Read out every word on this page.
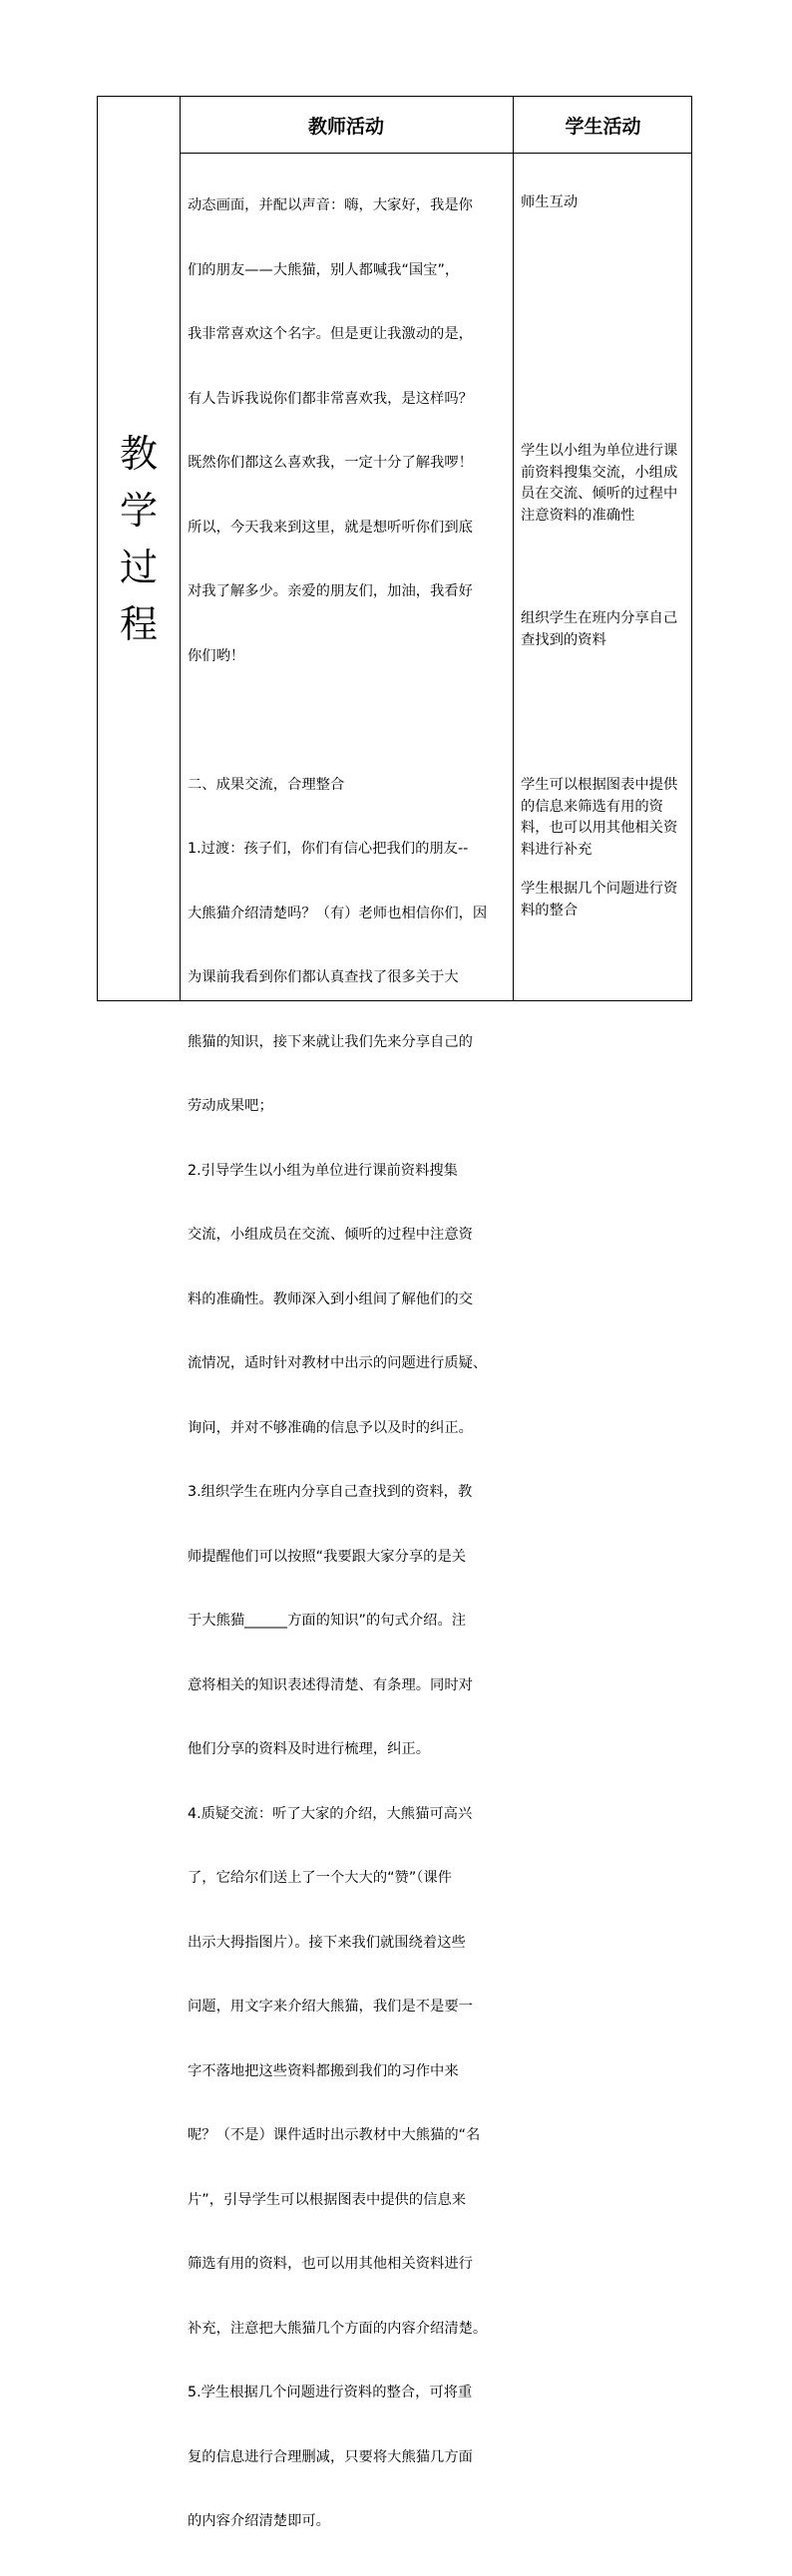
教师活动	学生活动
教
学
过
程

动态画面，并配以声音：嗨，大家好，我是你

们的朋友——大熊猫，别人都喊我“国宝”，

我非常喜欢这个名字。但是更让我激动的是，

有人告诉我说你们都非常喜欢我，是这样吗？

既然你们都这么喜欢我，一定十分了解我啰！

所以，今天我来到这里，就是想听听你们到底

对我了解多少。亲爱的朋友们，加油，我看好

你们哟！

二、成果交流，合理整合

1.过渡：孩子们，你们有信心把我们的朋友--

大熊猫介绍清楚吗？（有）老师也相信你们，因

为课前我看到你们都认真查找了很多关于大

熊猫的知识，接下来就让我们先来分享自己的

劳动成果吧；

2.引导学生以小组为单位进行课前资料搜集

交流，小组成员在交流、倾听的过程中注意资

料的准确性。教师深入到小组间了解他们的交

流情况，适时针对教材中出示的问题进行质疑、

询问，并对不够准确的信息予以及时的纠正。

3.组织学生在班内分享自己查找到的资料，教

师提醒他们可以按照“我要跟大家分享的是关

于大熊猫______方面的知识”的句式介绍。注

意将相关的知识表述得清楚、有条理。同时对

他们分享的资料及时进行梳理，纠正。

4.质疑交流：听了大家的介绍，大熊猫可高兴

了，它给尔们送上了一个大大的“赞”（课件

出示大拇指图片）。接下来我们就围绕着这些

问题，用文字来介绍大熊猫，我们是不是要一

字不落地把这些资料都搬到我们的习作中来

呢？（不是）课件适时出示教材中大熊猫的“名

片”，引导学生可以根据图表中提供的信息来

筛选有用的资料，也可以用其他相关资料进行

补充，注意把大熊猫几个方面的内容介绍清楚。

5.学生根据几个问题进行资料的整合，可将重

复的信息进行合理删减，只要将大熊猫几方面

的内容介绍清楚即可。

师生互动
学生以小组为单位进行课前资料搜集交流，小组成员在交流、倾听的过程中注意资料的准确性
组织学生在班内分享自己查找到的资料
学生可以根据图表中提供的信息来筛选有用的资料，也可以用其他相关资料进行补充
学生根据几个问题进行资料的整合
